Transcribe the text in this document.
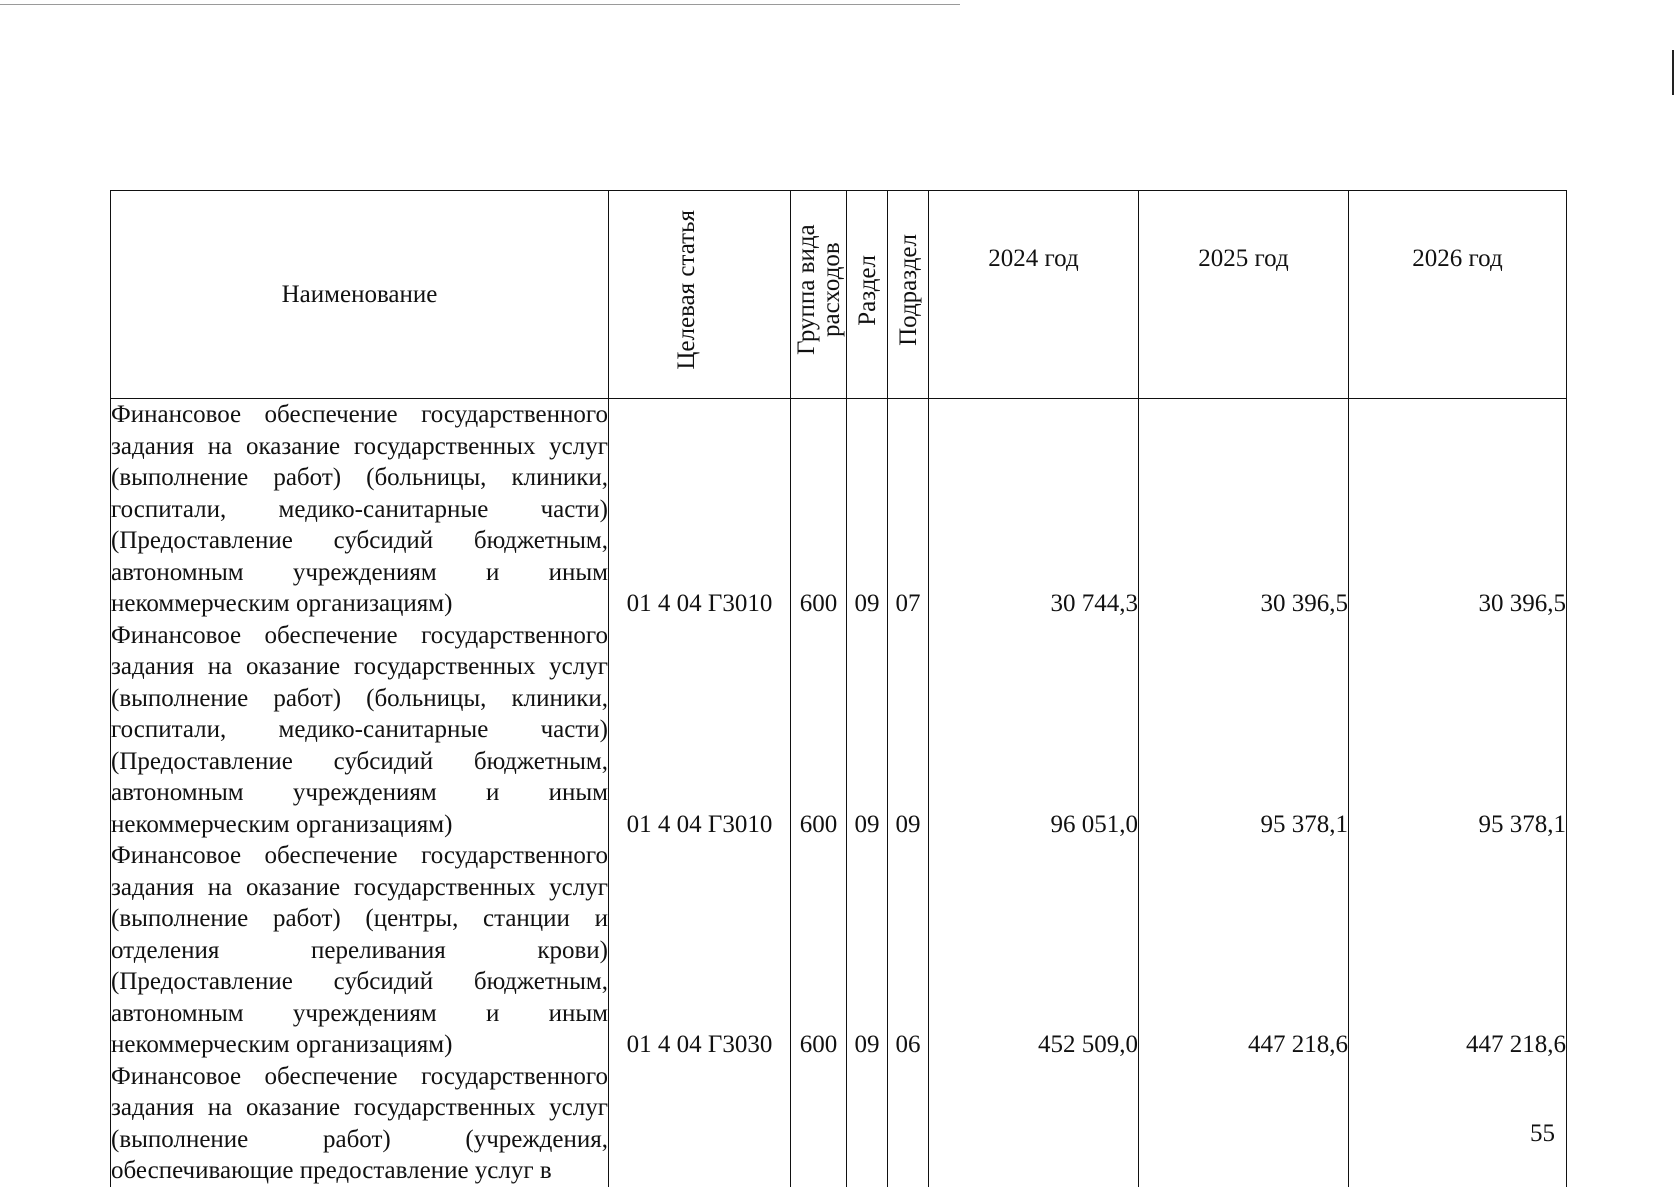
Наименование	Целевая статья	Группа вида расходов	Раздел	Подраздел	2024 год	2025 год	2026 год
Финансовое обеспечение государственного задания на оказание государственных услуг (выполнение работ) (больницы, клиники, госпитали, медико-санитарные части) (Предоставление субсидий бюджетным, автономным учреждениям и иным некоммерческим организациям)	01 4 04 Г3010	600	09	07	30 744,3	30 396,5	30 396,5
Финансовое обеспечение государственного задания на оказание государственных услуг (выполнение работ) (больницы, клиники, госпитали, медико-санитарные части) (Предоставление субсидий бюджетным, автономным учреждениям и иным некоммерческим организациям)	01 4 04 Г3010	600	09	09	96 051,0	95 378,1	95 378,1
Финансовое обеспечение государственного задания на оказание государственных услуг (выполнение работ) (центры, станции и отделения переливания крови) (Предоставление субсидий бюджетным, автономным учреждениям и иным некоммерческим организациям)	01 4 04 Г3030	600	09	06	452 509,0	447 218,6	447 218,6
Финансовое обеспечение государственного задания на оказание государственных услуг (выполнение работ) (учреждения, обеспечивающие предоставление услуг в							
55
